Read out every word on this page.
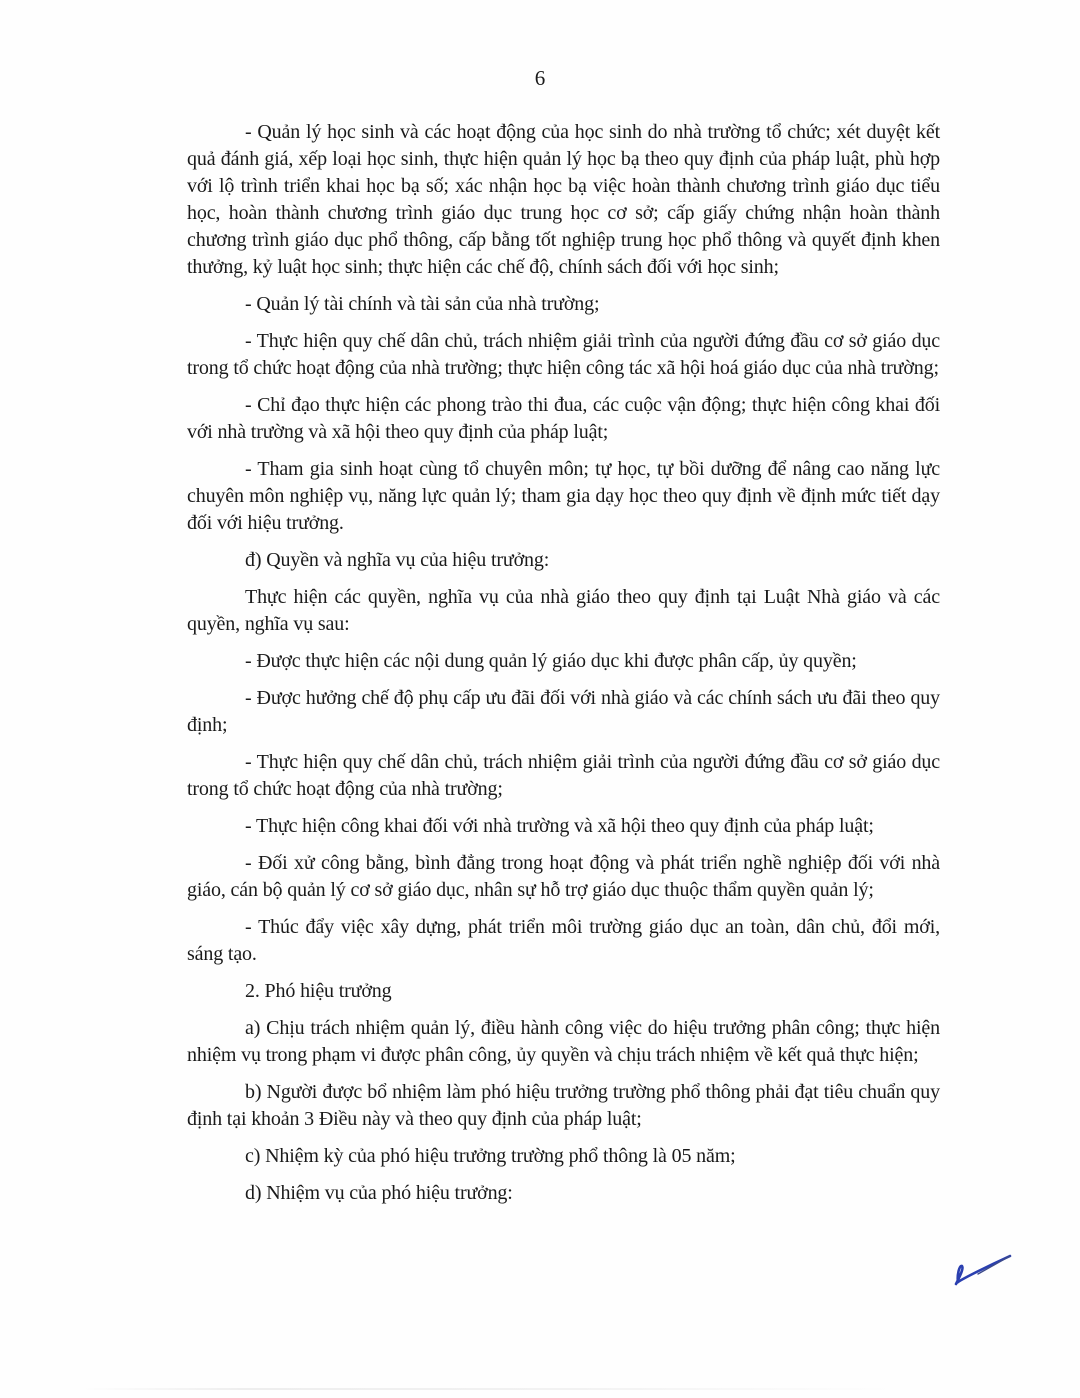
6

- Quản lý học sinh và các hoạt động của học sinh do nhà trường tổ chức; xét duyệt kết quả đánh giá, xếp loại học sinh, thực hiện quản lý học bạ theo quy định của pháp luật, phù hợp với lộ trình triển khai học bạ số; xác nhận học bạ việc hoàn thành chương trình giáo dục tiểu học, hoàn thành chương trình giáo dục trung học cơ sở; cấp giấy chứng nhận hoàn thành chương trình giáo dục phổ thông, cấp bằng tốt nghiệp trung học phổ thông và quyết định khen thưởng, kỷ luật học sinh; thực hiện các chế độ, chính sách đối với học sinh;

- Quản lý tài chính và tài sản của nhà trường;

- Thực hiện quy chế dân chủ, trách nhiệm giải trình của người đứng đầu cơ sở giáo dục trong tổ chức hoạt động của nhà trường; thực hiện công tác xã hội hoá giáo dục của nhà trường;

- Chỉ đạo thực hiện các phong trào thi đua, các cuộc vận động; thực hiện công khai đối với nhà trường và xã hội theo quy định của pháp luật;

- Tham gia sinh hoạt cùng tổ chuyên môn; tự học, tự bồi dưỡng để nâng cao năng lực chuyên môn nghiệp vụ, năng lực quản lý; tham gia dạy học theo quy định về định mức tiết dạy đối với hiệu trưởng.

đ) Quyền và nghĩa vụ của hiệu trưởng:

Thực hiện các quyền, nghĩa vụ của nhà giáo theo quy định tại Luật Nhà giáo và các quyền, nghĩa vụ sau:

- Được thực hiện các nội dung quản lý giáo dục khi được phân cấp, ủy quyền;

- Được hưởng chế độ phụ cấp ưu đãi đối với nhà giáo và các chính sách ưu đãi theo quy định;

- Thực hiện quy chế dân chủ, trách nhiệm giải trình của người đứng đầu cơ sở giáo dục trong tổ chức hoạt động của nhà trường;

- Thực hiện công khai đối với nhà trường và xã hội theo quy định của pháp luật;

- Đối xử công bằng, bình đẳng trong hoạt động và phát triển nghề nghiệp đối với nhà giáo, cán bộ quản lý cơ sở giáo dục, nhân sự hỗ trợ giáo dục thuộc thẩm quyền quản lý;

- Thúc đẩy việc xây dựng, phát triển môi trường giáo dục an toàn, dân chủ, đổi mới, sáng tạo.

2. Phó hiệu trưởng

a) Chịu trách nhiệm quản lý, điều hành công việc do hiệu trưởng phân công; thực hiện nhiệm vụ trong phạm vi được phân công, ủy quyền và chịu trách nhiệm về kết quả thực hiện;

b) Người được bổ nhiệm làm phó hiệu trưởng trường phổ thông phải đạt tiêu chuẩn quy định tại khoản 3 Điều này và theo quy định của pháp luật;

c) Nhiệm kỳ của phó hiệu trưởng trường phổ thông là 05 năm;

d) Nhiệm vụ của phó hiệu trưởng:
